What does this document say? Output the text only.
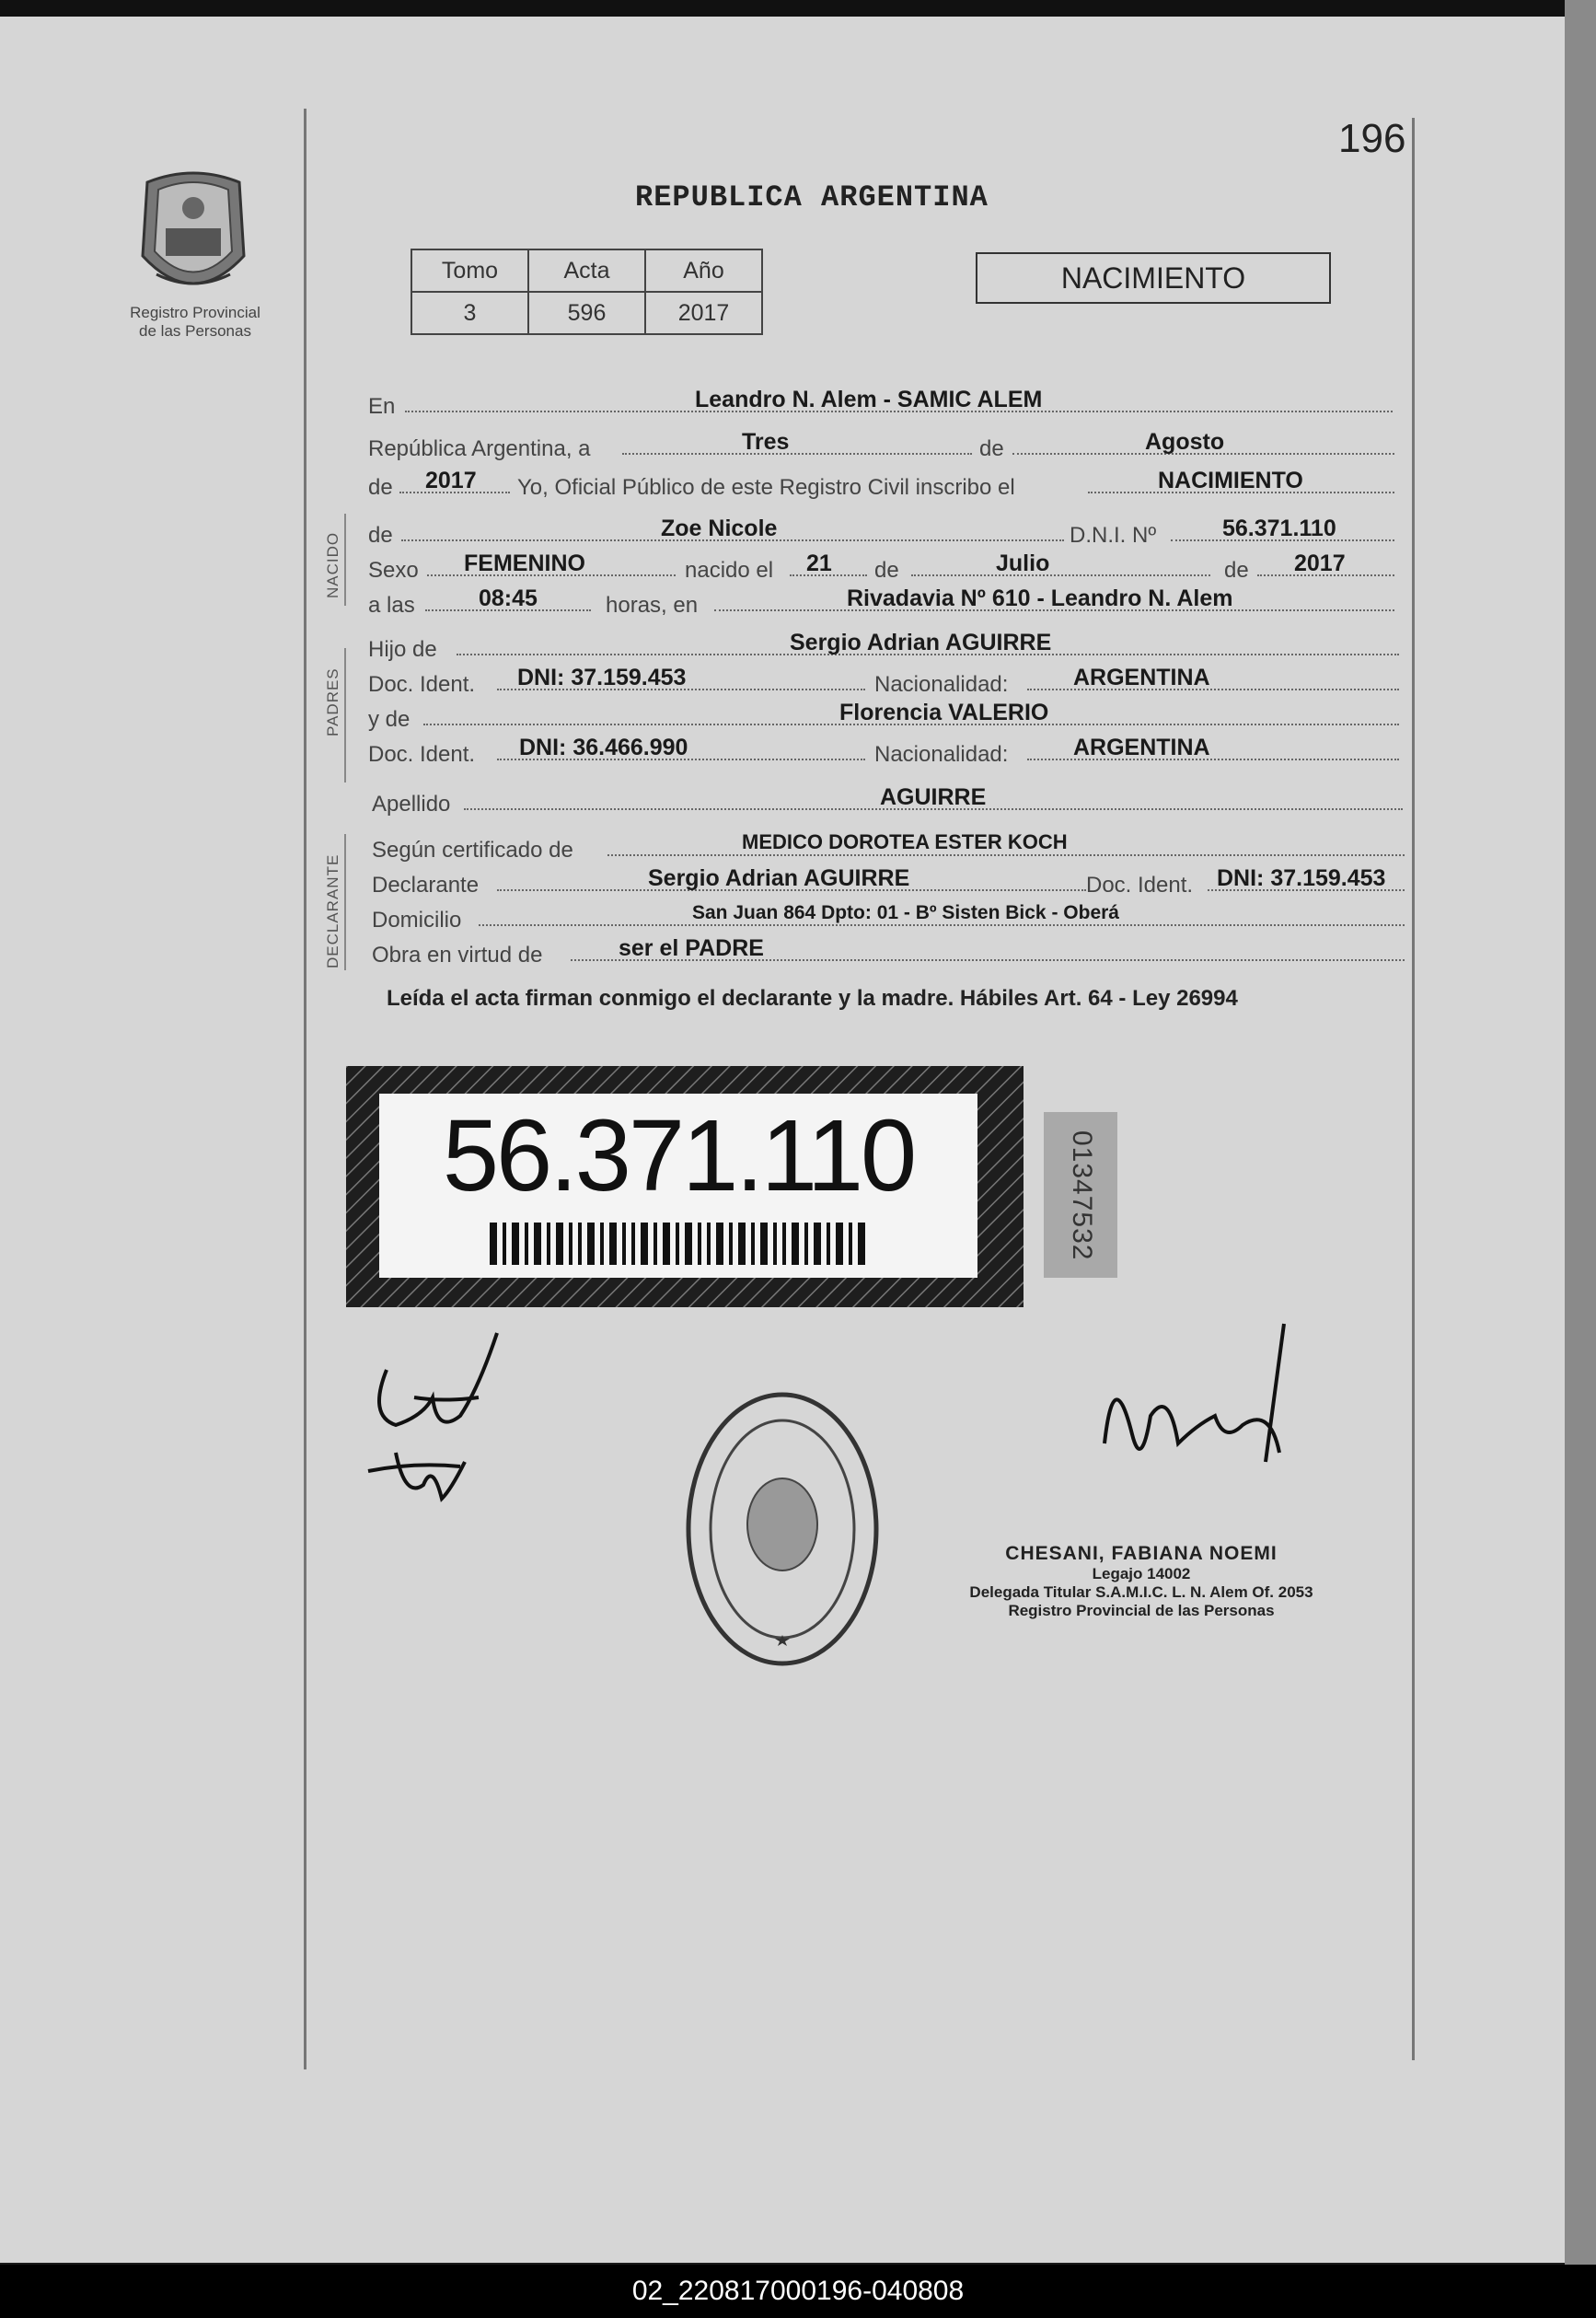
196
Registro Provincial
de las Personas
REPUBLICA ARGENTINA
Tomo	Acta	Año
3	596	2017
NACIMIENTO
En	Leandro N. Alem - SAMIC ALEM
República Argentina, a	Tres	de	Agosto
de 2017 Yo, Oficial Público de este Registro Civil inscribo el	NACIMIENTO
NACIDO de	Zoe Nicole	D.N.I. Nº	56.371.110
Sexo FEMENINO	nacido el 21 de	Julio	de 2017
a las	08:45	horas, en	Rivadavia Nº 610 - Leandro N. Alem
PADRES
Hijo de	Sergio Adrian AGUIRRE
Doc. Ident. DNI: 37.159.453	Nacionalidad:	ARGENTINA
y de	Florencia VALERIO
Doc. Ident. DNI: 36.466.990	Nacionalidad:	ARGENTINA
Apellido	AGUIRRE
DECLARANTE
Según certificado de	MEDICO DOROTEA ESTER KOCH
Declarante	Sergio Adrian AGUIRRE	Doc. Ident. DNI: 37.159.453
Domicilio	San Juan 864 Dpto: 01 - Bº Sisten Bick - Oberá
Obra en virtud de	ser el PADRE
Leída el acta firman conmigo el declarante y la madre. Hábiles Art. 64 - Ley 26994
56.371.110	01347532
CHESANI, FABIANA NOEMI
Legajo 14002
Delegada Titular S.A.M.I.C. L. N. Alem Of. 2053
Registro Provincial de las Personas
02_220817000196-040808
